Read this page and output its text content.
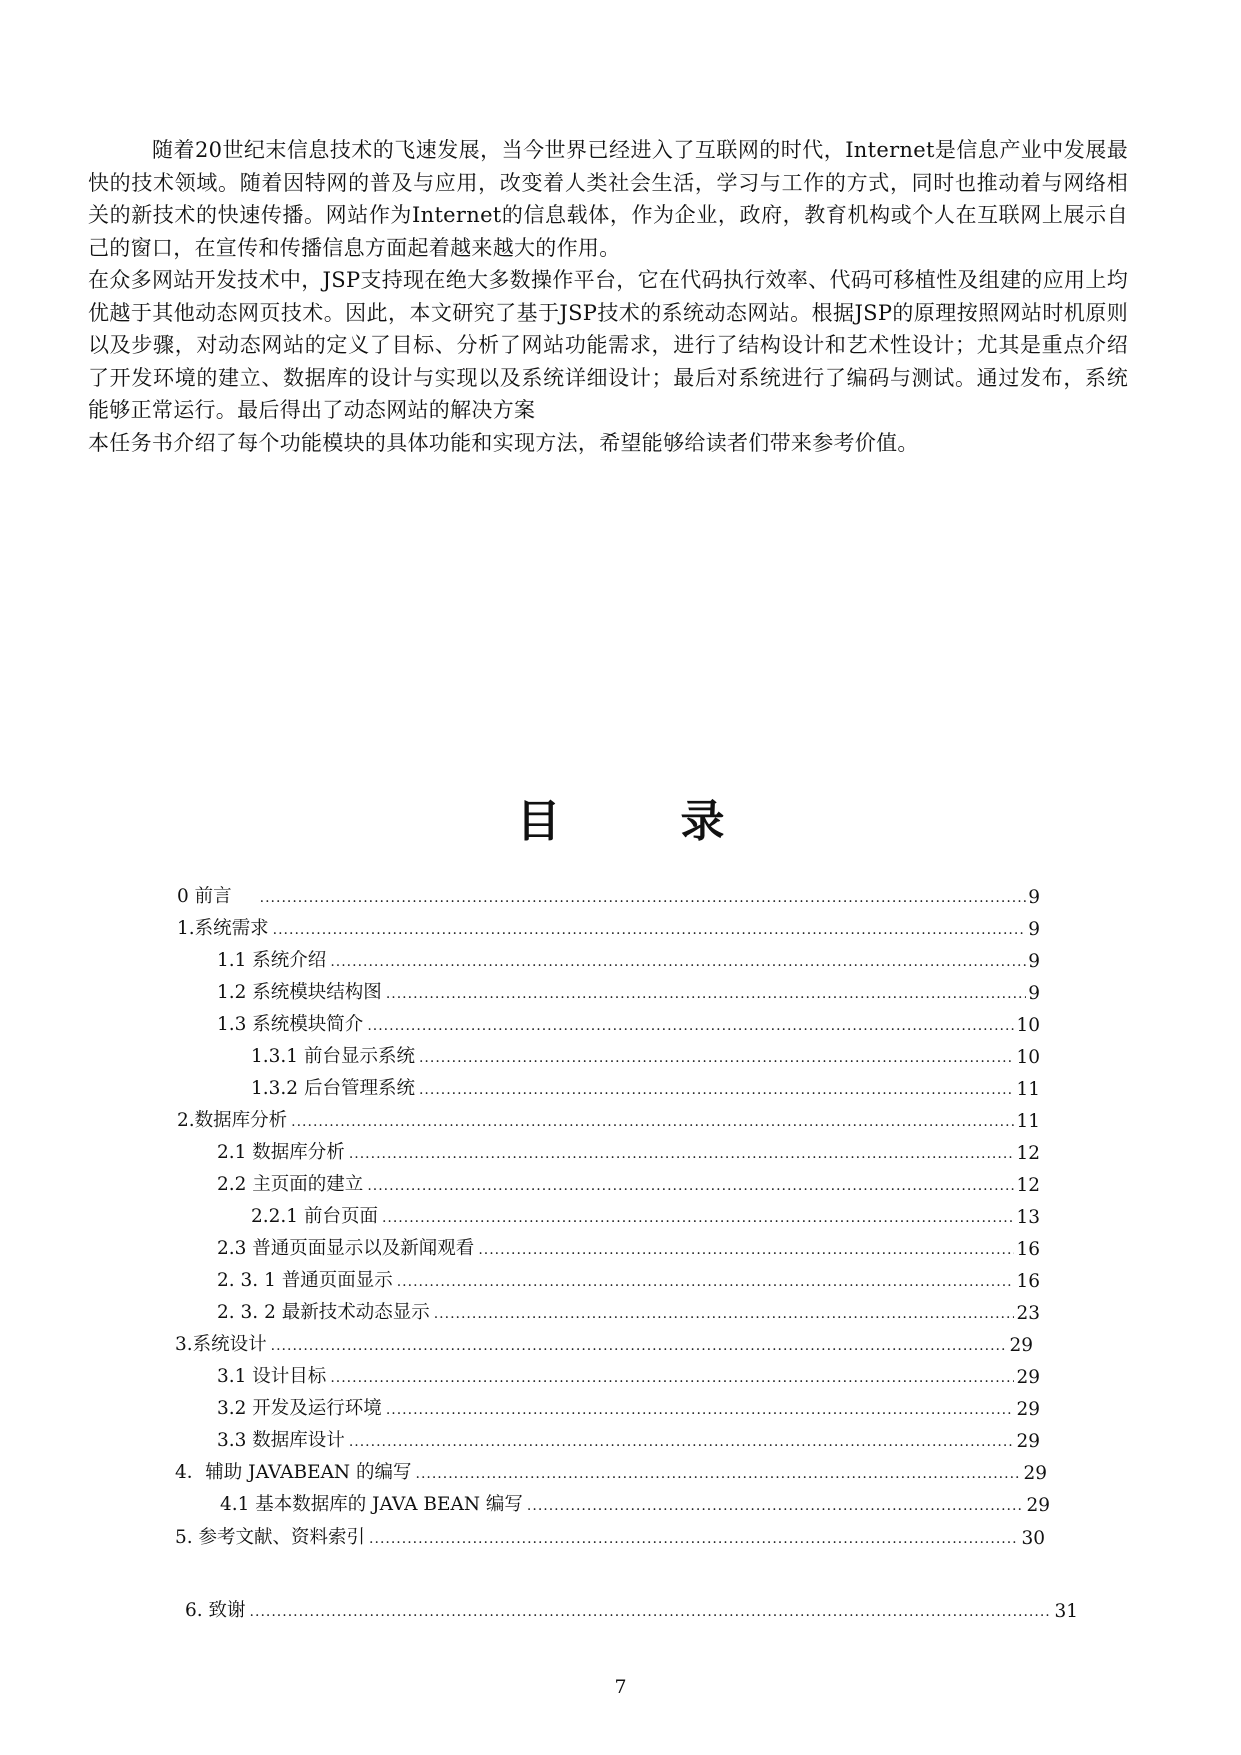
随着20世纪末信息技术的飞速发展，当今世界已经进入了互联网的时代，Internet是信息产业中发展最快的技术领域。随着因特网的普及与应用，改变着人类社会生活，学习与工作的方式，同时也推动着与网络相关的新技术的快速传播。网站作为Internet的信息载体，作为企业，政府，教育机构或个人在互联网上展示自己的窗口，在宣传和传播信息方面起着越来越大的作用。

在众多网站开发技术中，JSP支持现在绝大多数操作平台，它在代码执行效率、代码可移植性及组建的应用上均优越于其他动态网页技术。因此，本文研究了基于JSP技术的系统动态网站。根据JSP的原理按照网站时机原则以及步骤，对动态网站的定义了目标、分析了网站功能需求，进行了结构设计和艺术性设计；尤其是重点介绍了开发环境的建立、数据库的设计与实现以及系统详细设计；最后对系统进行了编码与测试。通过发布，系统能够正常运行。最后得出了动态网站的解决方案

本任务书介绍了每个功能模块的具体功能和实现方法，希望能够给读者们带来参考价值。

目	录
0 前言 .....	9
1.系统需求 .....	9
1.1 系统介绍 .....	9
1.2 系统模块结构图 .....	9
1.3 系统模块简介 .....	10
1.3.1 前台显示系统 .....	10
1.3.2 后台管理系统 .....	11
2.数据库分析 .....	11
2.1 数据库分析 .....	12
2.2 主页面的建立 .....	12
2.2.1 前台页面 .....	13
2.3 普通页面显示以及新闻观看 .....	16
2. 3. 1 普通页面显示 .....	16
2. 3. 2 最新技术动态显示 .....	23
3.系统设计 .....	29
3.1 设计目标 .....	29
3.2 开发及运行环境 .....	29
3.3 数据库设计 .....	29
4．辅助 JAVABEAN 的编写 .....	29
4.1 基本数据库的 JAVA BEAN 编写 .....	29
5. 参考文献、资料索引 .....	30
6. 致谢 .....	31
7
